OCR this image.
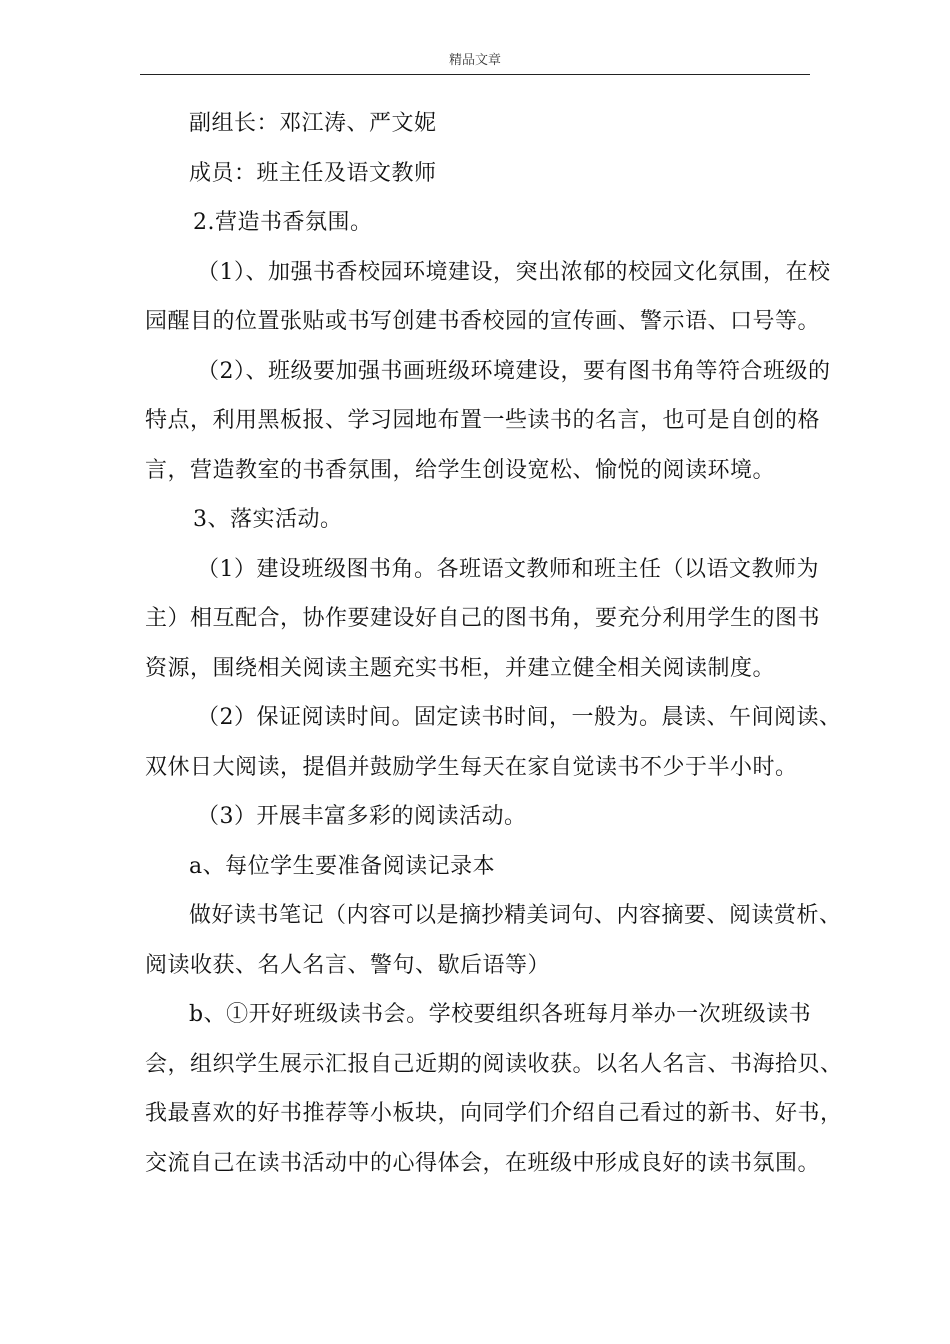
精品文章
副组长：邓江涛、严文妮
成员：班主任及语文教师
2.营造书香氛围。
（1）、加强书香校园环境建设，突出浓郁的校园文化氛围，在校
园醒目的位置张贴或书写创建书香校园的宣传画、警示语、口号等。
（2）、班级要加强书画班级环境建设，要有图书角等符合班级的
特点，利用黑板报、学习园地布置一些读书的名言，也可是自创的格
言，营造教室的书香氛围，给学生创设宽松、愉悦的阅读环境。
3、落实活动。
（1）建设班级图书角。各班语文教师和班主任（以语文教师为
主）相互配合，协作要建设好自己的图书角，要充分利用学生的图书
资源，围绕相关阅读主题充实书柜，并建立健全相关阅读制度。
（2）保证阅读时间。固定读书时间，一般为。晨读、午间阅读、
双休日大阅读，提倡并鼓励学生每天在家自觉读书不少于半小时。
（3）开展丰富多彩的阅读活动。
a、每位学生要准备阅读记录本
做好读书笔记（内容可以是摘抄精美词句、内容摘要、阅读赏析、
阅读收获、名人名言、警句、歇后语等）
b、①开好班级读书会。学校要组织各班每月举办一次班级读书
会，组织学生展示汇报自己近期的阅读收获。以名人名言、书海拾贝、
我最喜欢的好书推荐等小板块，向同学们介绍自己看过的新书、好书，
交流自己在读书活动中的心得体会，在班级中形成良好的读书氛围。
